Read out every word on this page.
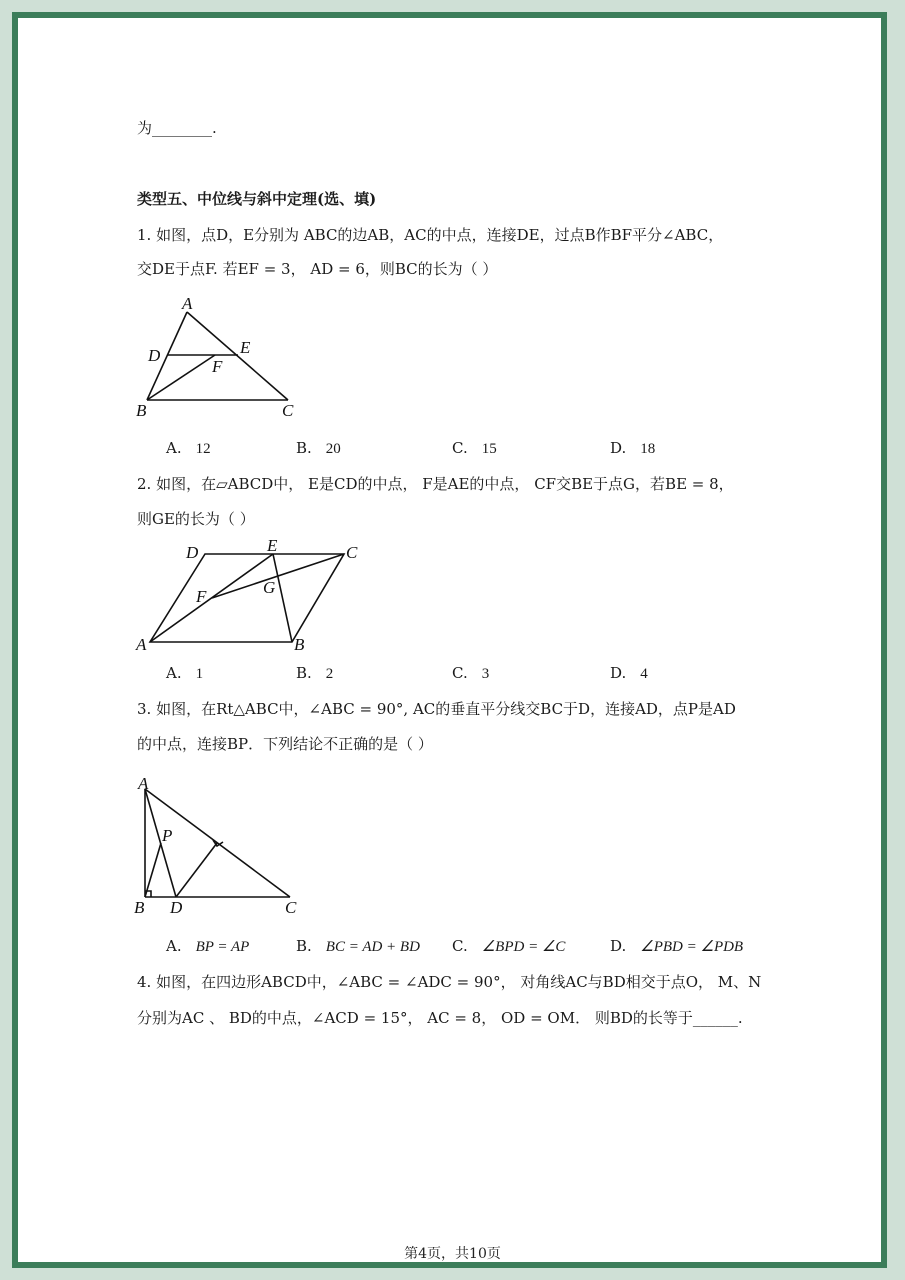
为________.
类型五、中位线与斜中定理(选、填)
1. 如图，点D，E分别为 ABC的边AB，AC的中点，连接DE，过点B作BF平分∠ABC，
交DE于点F. 若EF = 3， AD = 6，则BC的长为（ ）
A
D	E
F
B	C
A. 12	B. 20	C. 15	D. 18
2. 如图，在▱ABCD中， E是CD的中点， F是AE的中点， CF交BE于点G，若BE = 8，
则GE的长为（ ）
D	E	C
F	G
A	B
A. 1	B. 2	C. 3	D. 4
3. 如图，在Rt△ABC中，∠ABC = 90°, AC的垂直平分线交BC于D，连接AD，点P是AD
的中点，连接BP．下列结论不正确的是（ ）
A
P
B D	C
A. BP = AP	B. BC = AD + BD C. ∠BPD = ∠C	D. ∠PBD = ∠PDB
4. 如图，在四边形ABCD中，∠ABC = ∠ADC = 90°， 对角线AC与BD相交于点O， M、N
分别为AC 、 BD的中点，∠ACD = 15°， AC = 8， OD = OM． 则BD的长等于______.
第4页，共10页
